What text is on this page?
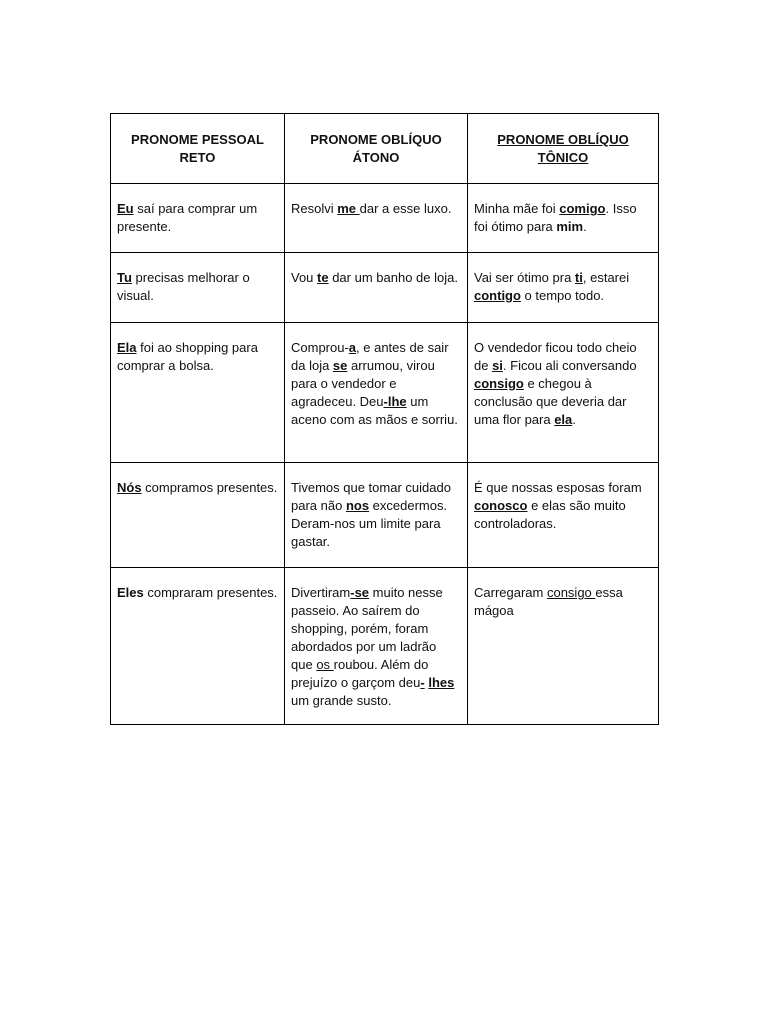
PRONOME PESSOAL RETO	PRONOME OBLÍQUO ÁTONO	PRONOME OBLÍQUO TÔNICO
Eu saí para comprar um presente.	Resolvi me dar a esse luxo.	Minha mãe foi comigo. Isso foi ótimo para mim.
Tu precisas melhorar o visual.	Vou te dar um banho de loja.	Vai ser ótimo pra ti, estarei contigo o tempo todo.
Ela foi ao shopping para comprar a bolsa.	Comprou-a, e antes de sair da loja se arrumou, virou para o vendedor e agradeceu. Deu-lhe um aceno com as mãos e sorriu.	O vendedor ficou todo cheio de si. Ficou ali conversando consigo e chegou à conclusão que deveria dar uma flor para ela.
Nós compramos presentes.	Tivemos que tomar cuidado para não nos excedermos. Deram-nos um limite para gastar.	É que nossas esposas foram conosco e elas são muito controladoras.
Eles compraram presentes.	Divertiram-se muito nesse passeio. Ao saírem do shopping, porém, foram abordados por um ladrão que os roubou. Além do prejuízo o garçom deu- lhes um grande susto.	Carregaram consigo essa mágoa
